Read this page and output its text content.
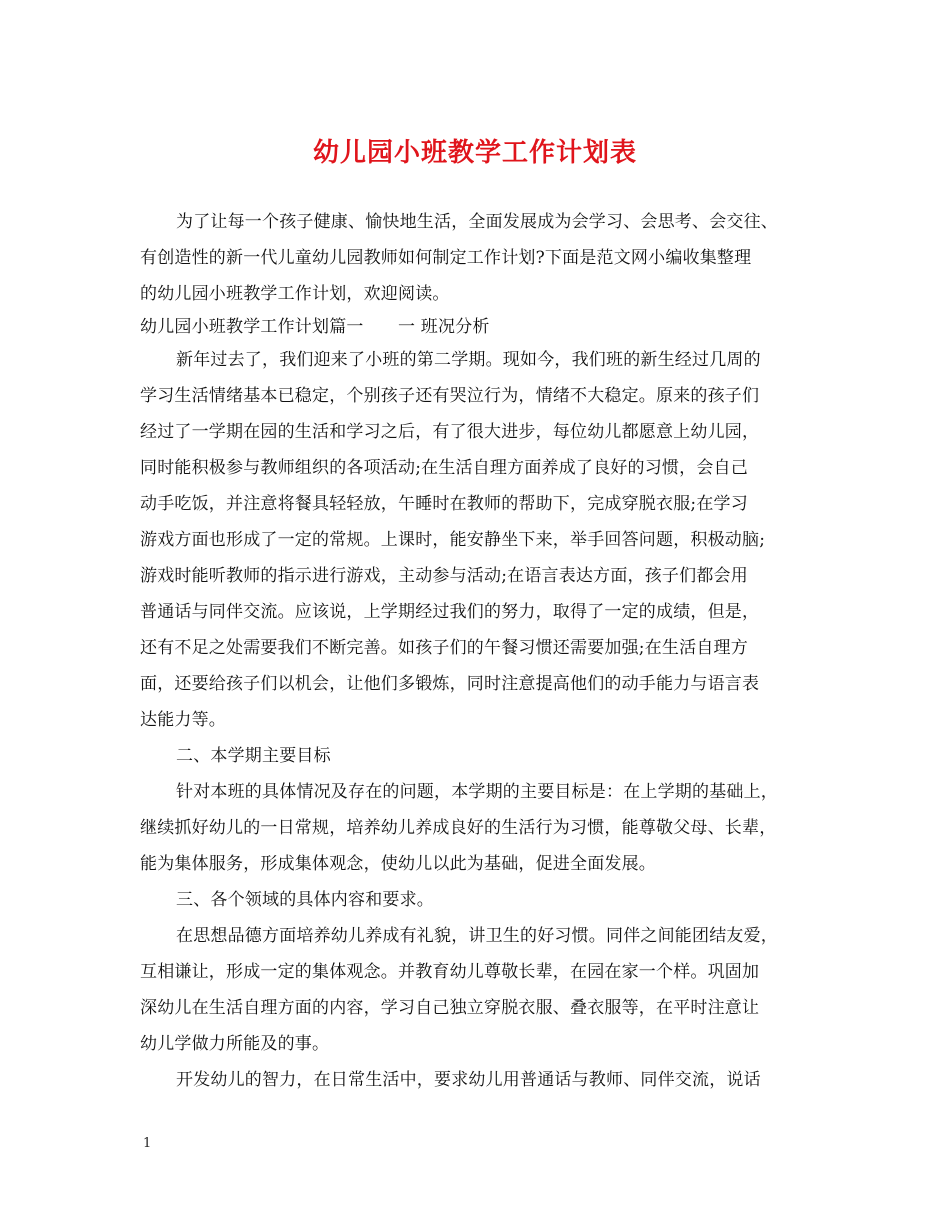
幼儿园小班教学工作计划表
为了让每一个孩子健康、愉快地生活，全面发展成为会学习、会思考、会交往、
有创造性的新一代儿童幼儿园教师如何制定工作计划?下面是范文网小编收集整理
的幼儿园小班教学工作计划，欢迎阅读。
幼儿园小班教学工作计划篇一　　一 班况分析
新年过去了，我们迎来了小班的第二学期。现如今，我们班的新生经过几周的
学习生活情绪基本已稳定，个别孩子还有哭泣行为，情绪不大稳定。原来的孩子们
经过了一学期在园的生活和学习之后，有了很大进步，每位幼儿都愿意上幼儿园，
同时能积极参与教师组织的各项活动;在生活自理方面养成了良好的习惯，会自己
动手吃饭，并注意将餐具轻轻放，午睡时在教师的帮助下，完成穿脱衣服;在学习
游戏方面也形成了一定的常规。上课时，能安静坐下来，举手回答问题，积极动脑;
游戏时能听教师的指示进行游戏，主动参与活动;在语言表达方面，孩子们都会用
普通话与同伴交流。应该说，上学期经过我们的努力，取得了一定的成绩，但是，
还有不足之处需要我们不断完善。如孩子们的午餐习惯还需要加强;在生活自理方
面，还要给孩子们以机会，让他们多锻炼，同时注意提高他们的动手能力与语言表
达能力等。
二、本学期主要目标
针对本班的具体情况及存在的问题，本学期的主要目标是：在上学期的基础上，
继续抓好幼儿的一日常规，培养幼儿养成良好的生活行为习惯，能尊敬父母、长辈，
能为集体服务，形成集体观念，使幼儿以此为基础，促进全面发展。
三、各个领域的具体内容和要求。
在思想品德方面培养幼儿养成有礼貌，讲卫生的好习惯。同伴之间能团结友爱，
互相谦让，形成一定的集体观念。并教育幼儿尊敬长辈，在园在家一个样。巩固加
深幼儿在生活自理方面的内容，学习自己独立穿脱衣服、叠衣服等，在平时注意让
幼儿学做力所能及的事。
开发幼儿的智力，在日常生活中，要求幼儿用普通话与教师、同伴交流，说话
1
